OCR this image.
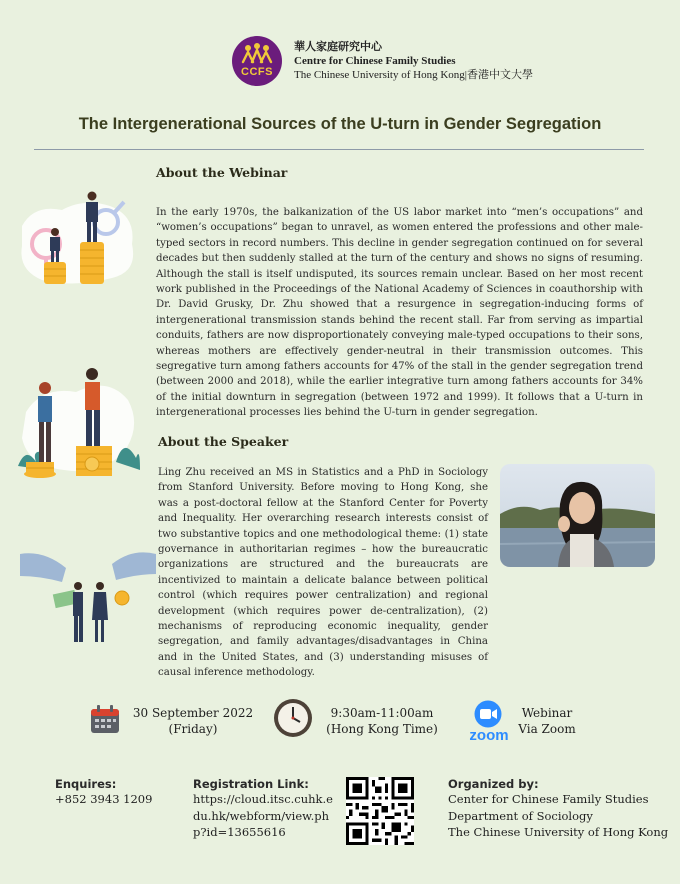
CCFS
華人家庭研究中心
Centre for Chinese Family Studies
The Chinese University of Hong Kong|香港中文大學
The Intergenerational Sources of the U-turn in Gender Segregation
About the Webinar
In the early 1970s, the balkanization of the US labor market into “men’s occupations” and “women’s occupations” began to unravel, as women entered the professions and other male-typed sectors in record numbers. This decline in gender segregation continued on for several decades but then suddenly stalled at the turn of the century and shows no signs of resuming. Although the stall is itself undisputed, its sources remain unclear. Based on her most recent work published in the Proceedings of the National Academy of Sciences in coauthorship with Dr. David Grusky, Dr. Zhu showed that a resurgence in segregation-inducing forms of intergenerational transmission stands behind the recent stall. Far from serving as impartial conduits, fathers are now disproportionately conveying male-typed occupations to their sons, whereas mothers are effectively gender-neutral in their transmission outcomes. This segregative turn among fathers accounts for 47% of the stall in the gender segregation trend (between 2000 and 2018), while the earlier integrative turn among fathers accounts for 34% of the initial downturn in segregation (between 1972 and 1999). It follows that a U-turn in intergenerational processes lies behind the U-turn in gender segregation.
About the Speaker
Ling Zhu received an MS in Statistics and a PhD in Sociology from Stanford University. Before moving to Hong Kong, she was a post-doctoral fellow at the Stanford Center for Poverty and Inequality. Her overarching research interests consist of two substantive topics and one methodological theme: (1) state governance in authoritarian regimes – how the bureaucratic organizations are structured and the bureaucrats are incentivized to maintain a delicate balance between political control (which requires power centralization) and regional development (which requires power de-centralization), (2) mechanisms of reproducing economic inequality, gender segregation, and family advantages/disadvantages in China and in the United States, and (3) understanding misuses of causal inference methodology.
30 September 2022
(Friday)
9:30am-11:00am
(Hong Kong Time) zoom
Webinar
Via Zoom
Enquires:
+852 3943 1209
Registration Link:
https://cloud.itsc.cuhk.edu.hk/webform/view.php?id=13655616
Organized by:
Center for Chinese Family Studies
Department of Sociology
The Chinese University of Hong Kong
